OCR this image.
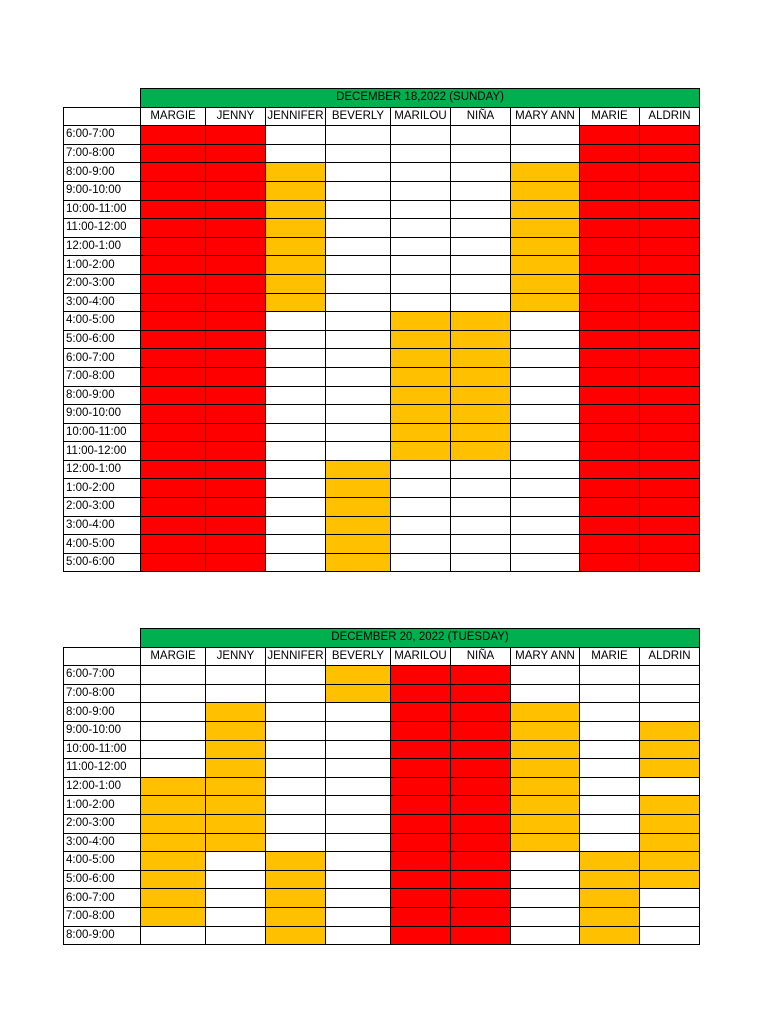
	DECEMBER 18,2022 (SUNDAY)								
	MARGIE	JENNY	JENNIFER	BEVERLY	MARILOU	NIÑA	MARY ANN	MARIE	ALDRIN
6:00-7:00									
7:00-8:00									
8:00-9:00									
9:00-10:00									
10:00-11:00									
11:00-12:00									
12:00-1:00									
1:00-2:00									
2:00-3:00									
3:00-4:00									
4:00-5:00									
5:00-6:00									
6:00-7:00									
7:00-8:00									
8:00-9:00									
9:00-10:00									
10:00-11:00									
11:00-12:00									
12:00-1:00									
1:00-2:00									
2:00-3:00									
3:00-4:00									
4:00-5:00									
5:00-6:00									
	DECEMBER 20, 2022 (TUESDAY)								
	MARGIE	JENNY	JENNIFER	BEVERLY	MARILOU	NIÑA	MARY ANN	MARIE	ALDRIN
6:00-7:00									
7:00-8:00									
8:00-9:00									
9:00-10:00									
10:00-11:00									
11:00-12:00									
12:00-1:00									
1:00-2:00									
2:00-3:00									
3:00-4:00									
4:00-5:00									
5:00-6:00									
6:00-7:00									
7:00-8:00									
8:00-9:00									
